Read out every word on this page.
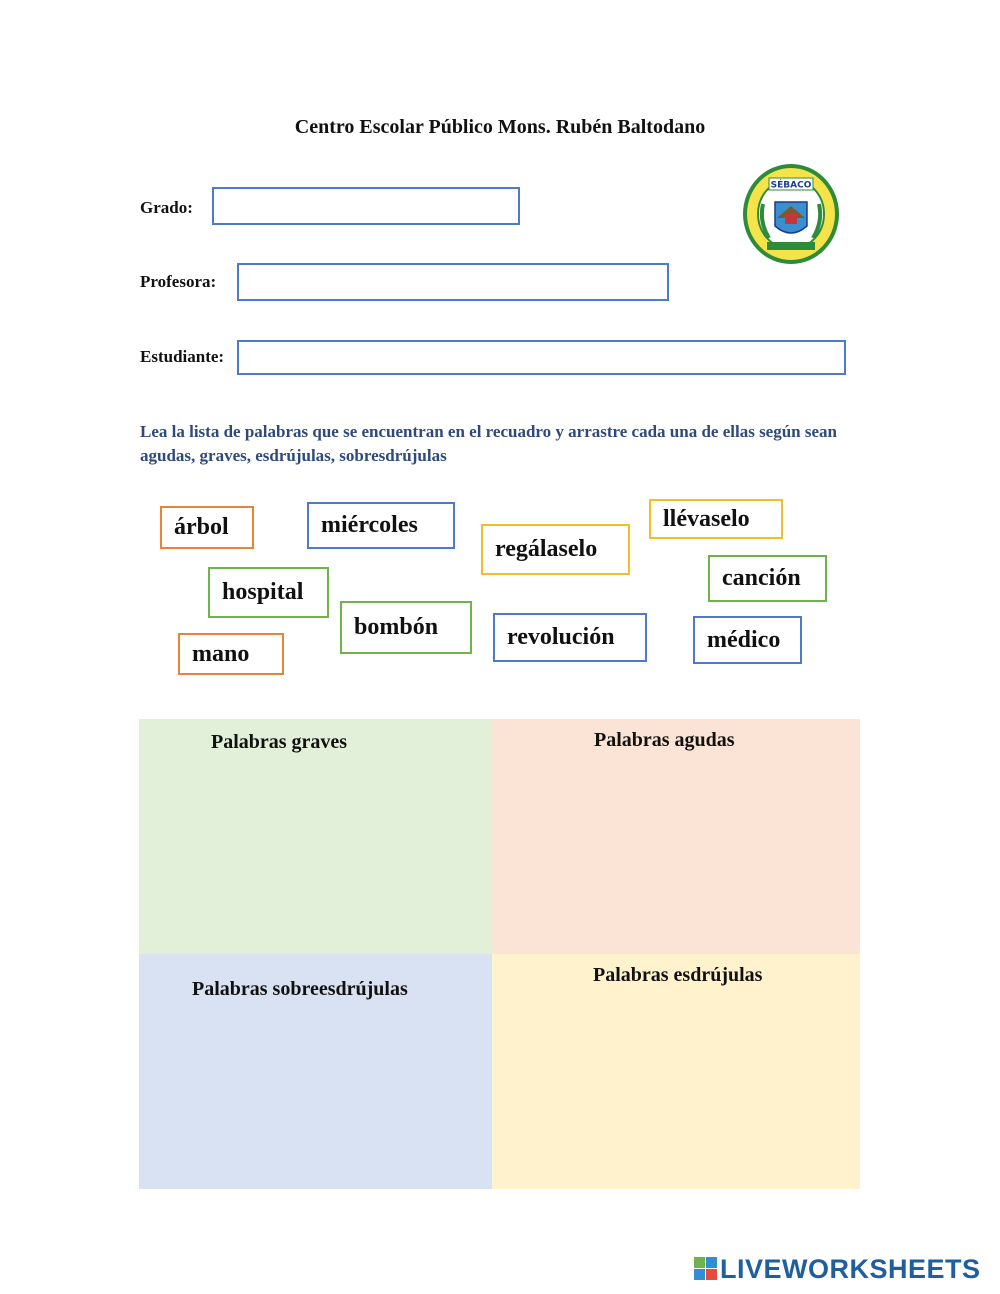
Centro Escolar Público Mons. Rubén Baltodano
Grado:
Profesora:
Estudiante:
SÉBACO
Lea la lista de palabras que se encuentran en el recuadro y arrastre cada una de ellas según sean agudas, graves, esdrújulas, sobresdrújulas
árbol	miércoles
regálaselo
llévaselo
hospital
canción
bombón	revolución	médico
mano
Palabras graves	Palabras agudas
Palabras sobreesdrújulas
Palabras esdrújulas
LIVEWORKSHEETS
